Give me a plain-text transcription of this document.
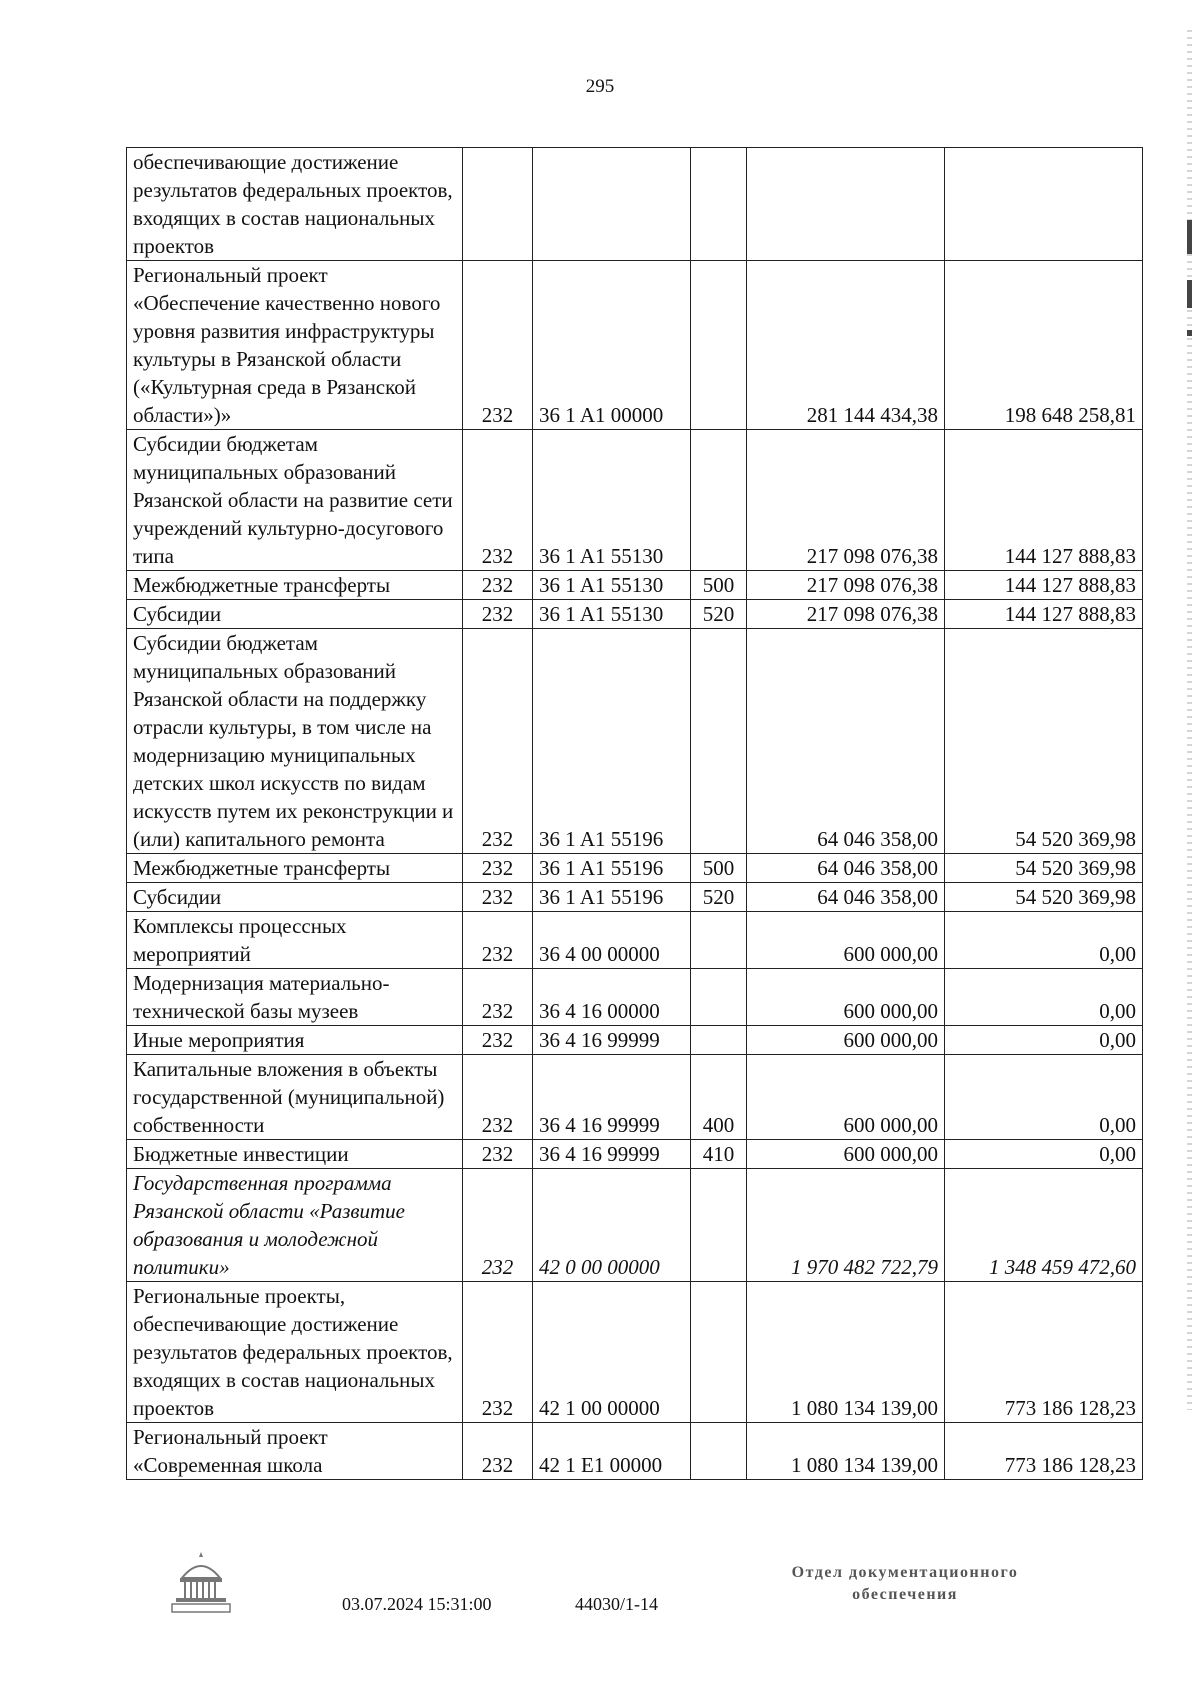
295
обеспечивающие достижение результатов федеральных проектов, входящих в состав национальных проектов					
Региональный проект «Обеспечение качественно нового уровня развития инфраструктуры культуры в Рязанской области («Культурная среда в Рязанской области»)»	232	36 1 A1 00000		281 144 434,38	198 648 258,81
Субсидии бюджетам муниципальных образований Рязанской области на развитие сети учреждений культурно-досугового типа	232	36 1 A1 55130		217 098 076,38	144 127 888,83
Межбюджетные трансферты	232	36 1 A1 55130	500	217 098 076,38	144 127 888,83
Субсидии	232	36 1 A1 55130	520	217 098 076,38	144 127 888,83
Субсидии бюджетам муниципальных образований Рязанской области на поддержку отрасли культуры, в том числе на модернизацию муниципальных детских школ искусств по видам искусств путем их реконструкции и (или) капитального ремонта	232	36 1 A1 55196		64 046 358,00	54 520 369,98
Межбюджетные трансферты	232	36 1 A1 55196	500	64 046 358,00	54 520 369,98
Субсидии	232	36 1 A1 55196	520	64 046 358,00	54 520 369,98
Комплексы процессных мероприятий	232	36 4 00 00000		600 000,00	0,00
Модернизация материально-технической базы музеев	232	36 4 16 00000		600 000,00	0,00
Иные мероприятия	232	36 4 16 99999		600 000,00	0,00
Капитальные вложения в объекты государственной (муниципальной) собственности	232	36 4 16 99999	400	600 000,00	0,00
Бюджетные инвестиции	232	36 4 16 99999	410	600 000,00	0,00
Государственная программа Рязанской области «Развитие образования и молодежной политики»	232	42 0 00 00000		1 970 482 722,79	1 348 459 472,60
Региональные проекты, обеспечивающие достижение результатов федеральных проектов, входящих в состав национальных проектов	232	42 1 00 00000		1 080 134 139,00	773 186 128,23
Региональный проект «Современная школа	232	42 1 E1 00000		1 080 134 139,00	773 186 128,23
03.07.2024 15:31:00	44030/1-14
Отдел документационного
обеспечения
